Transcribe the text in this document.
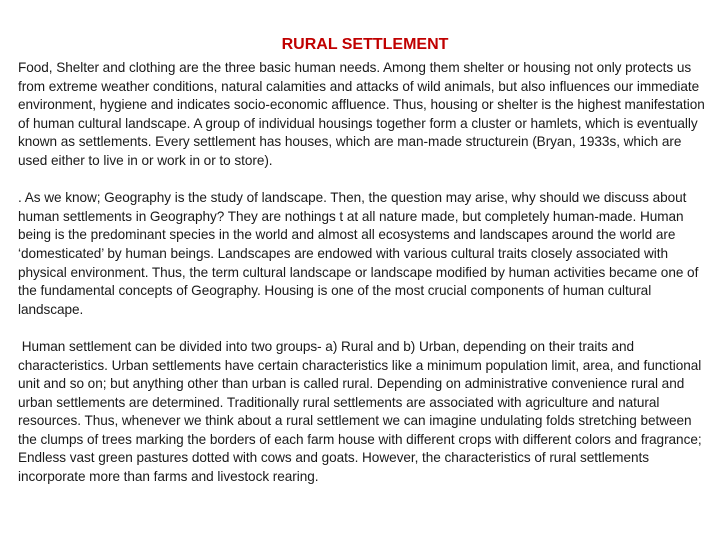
RURAL SETTLEMENT

Food, Shelter and clothing are the three basic human needs. Among them shelter or housing not only protects us from extreme weather conditions, natural calamities and attacks of wild animals, but also influences our immediate environment, hygiene and indicates socio-economic affluence. Thus, housing or shelter is the highest manifestation of human cultural landscape. A group of individual housings together form a cluster or hamlets, which is eventually known as settlements. Every settlement has houses, which are man-made structurein (Bryan, 1933s, which are used either to live in or work in or to store).

. As we know; Geography is the study of landscape. Then, the question may arise, why should we discuss about human settlements in Geography? They are nothings t at all nature made, but completely human-made. Human being is the predominant species in the world and almost all ecosystems and landscapes around the world are ‘domesticated’ by human beings. Landscapes are endowed with various cultural traits closely associated with physical environment. Thus, the term cultural landscape or landscape modified by human activities became one of the fundamental concepts of Geography. Housing is one of the most crucial components of human cultural landscape.

Human settlement can be divided into two groups- a) Rural and b) Urban, depending on their traits and characteristics. Urban settlements have certain characteristics like a minimum population limit, area, and functional unit and so on; but anything other than urban is called rural. Depending on administrative convenience rural and urban settlements are determined. Traditionally rural settlements are associated with agriculture and natural resources. Thus, whenever we think about a rural settlement we can imagine undulating folds stretching between the clumps of trees marking the borders of each farm house with different crops with different colors and fragrance; Endless vast green pastures dotted with cows and goats. However, the characteristics of rural settlements incorporate more than farms and livestock rearing.
